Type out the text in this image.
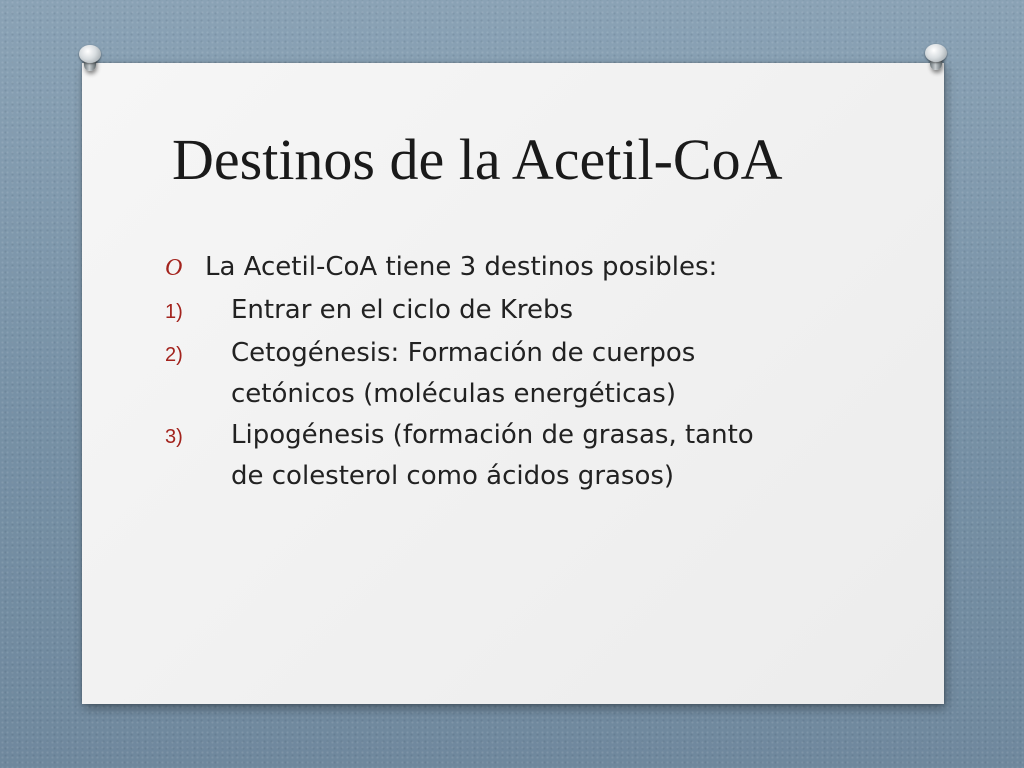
Destinos de la Acetil-CoA
O La Acetil-CoA tiene 3 destinos posibles:
1)	Entrar en el ciclo de Krebs
2)	Cetogénesis: Formación de cuerpos
cetónicos (moléculas energéticas)
3)	Lipogénesis (formación de grasas, tanto
de colesterol como ácidos grasos)
